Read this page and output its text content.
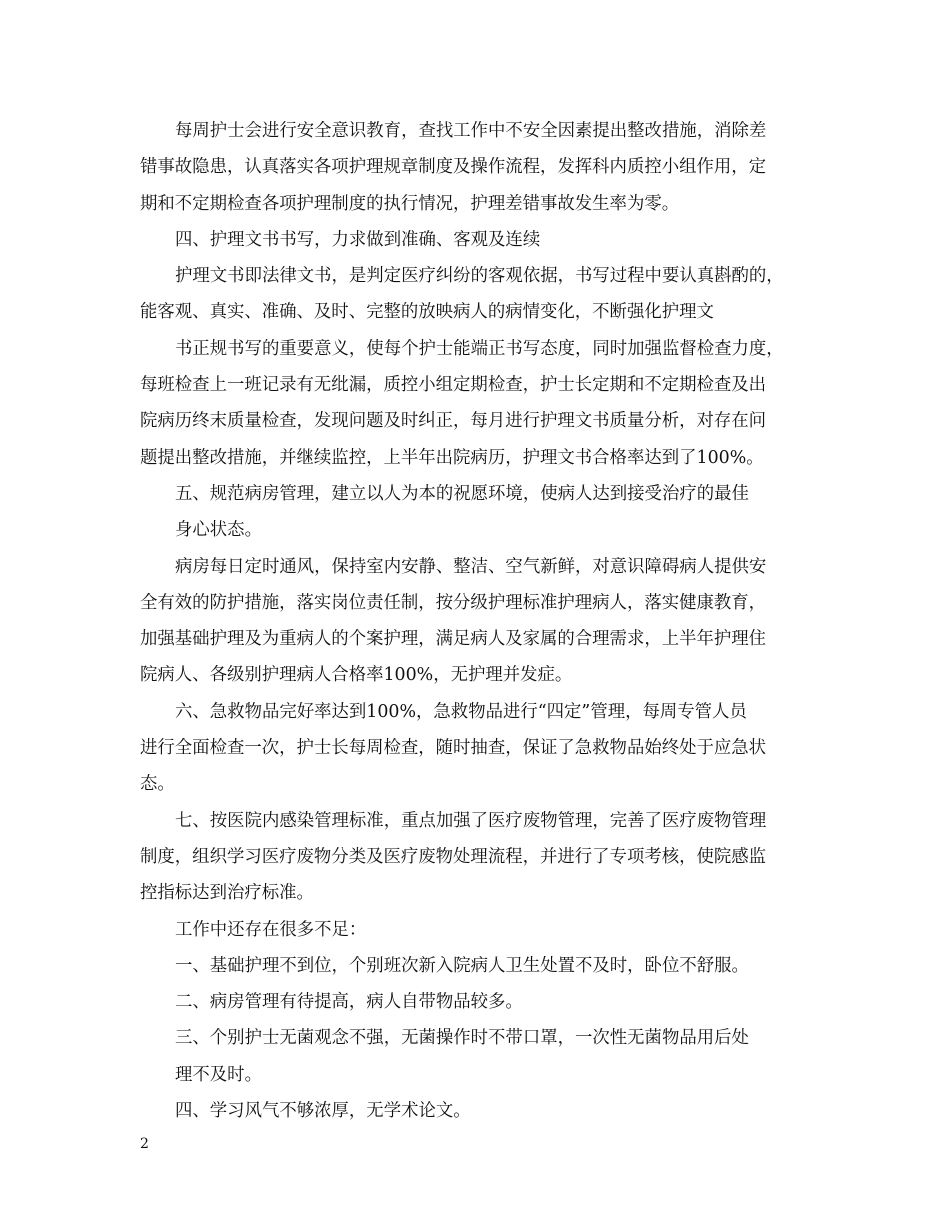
每周护士会进行安全意识教育，查找工作中不安全因素提出整改措施，消除差
错事故隐患，认真落实各项护理规章制度及操作流程，发挥科内质控小组作用，定
期和不定期检查各项护理制度的执行情况，护理差错事故发生率为零。
四、护理文书书写，力求做到准确、客观及连续
护理文书即法律文书，是判定医疗纠纷的客观依据，书写过程中要认真斟酌的，
能客观、真实、准确、及时、完整的放映病人的病情变化，不断强化护理文
书正规书写的重要意义，使每个护士能端正书写态度，同时加强监督检查力度，
每班检查上一班记录有无纰漏，质控小组定期检查，护士长定期和不定期检查及出
院病历终末质量检查，发现问题及时纠正，每月进行护理文书质量分析，对存在问
题提出整改措施，并继续监控，上半年出院病历，护理文书合格率达到了100%。
五、规范病房管理，建立以人为本的祝愿环境，使病人达到接受治疗的最佳
身心状态。
病房每日定时通风，保持室内安静、整洁、空气新鲜，对意识障碍病人提供安
全有效的防护措施，落实岗位责任制，按分级护理标准护理病人，落实健康教育，
加强基础护理及为重病人的个案护理，满足病人及家属的合理需求，上半年护理住
院病人、各级别护理病人合格率100%，无护理并发症。
六、急救物品完好率达到100%，急救物品进行“四定”管理，每周专管人员
进行全面检查一次，护士长每周检查，随时抽查，保证了急救物品始终处于应急状
态。
七、按医院内感染管理标准，重点加强了医疗废物管理，完善了医疗废物管理
制度，组织学习医疗废物分类及医疗废物处理流程，并进行了专项考核，使院感监
控指标达到治疗标准。
工作中还存在很多不足：
一、基础护理不到位，个别班次新入院病人卫生处置不及时，卧位不舒服。
二、病房管理有待提高，病人自带物品较多。
三、个别护士无菌观念不强，无菌操作时不带口罩，一次性无菌物品用后处
理不及时。
四、学习风气不够浓厚，无学术论文。
2
